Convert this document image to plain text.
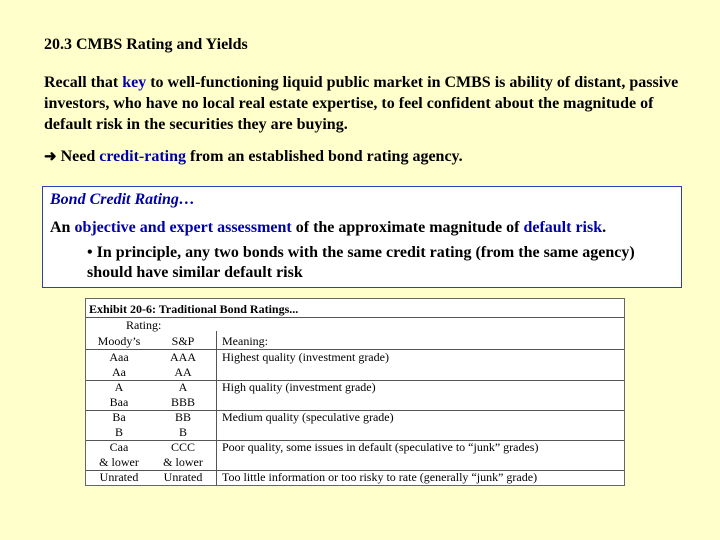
20.3 CMBS Rating and Yields
Recall that key to well-functioning liquid public market in CMBS is ability of distant, passive investors, who have no local real estate expertise, to feel confident about the magnitude of default risk in the securities they are buying.
➜ Need credit-rating from an established bond rating agency.
Bond Credit Rating…
An objective and expert assessment of the approximate magnitude of default risk.
• In principle, any two bonds with the same credit rating (from the same agency) should have similar default risk
Exhibit 20-6: Traditional Bond Ratings...
Rating:
Moody’s	S&P	Meaning:
Aaa	AAA	Highest quality (investment grade)
Aa	AA
A	A	High quality (investment grade)
Baa	BBB
Ba	BB	Medium quality (speculative grade)
B	B
Caa	CCC	Poor quality, some issues in default (speculative to “junk” grades)
& lower	& lower
Unrated	Unrated	Too little information or too risky to rate (generally “junk” grade)
